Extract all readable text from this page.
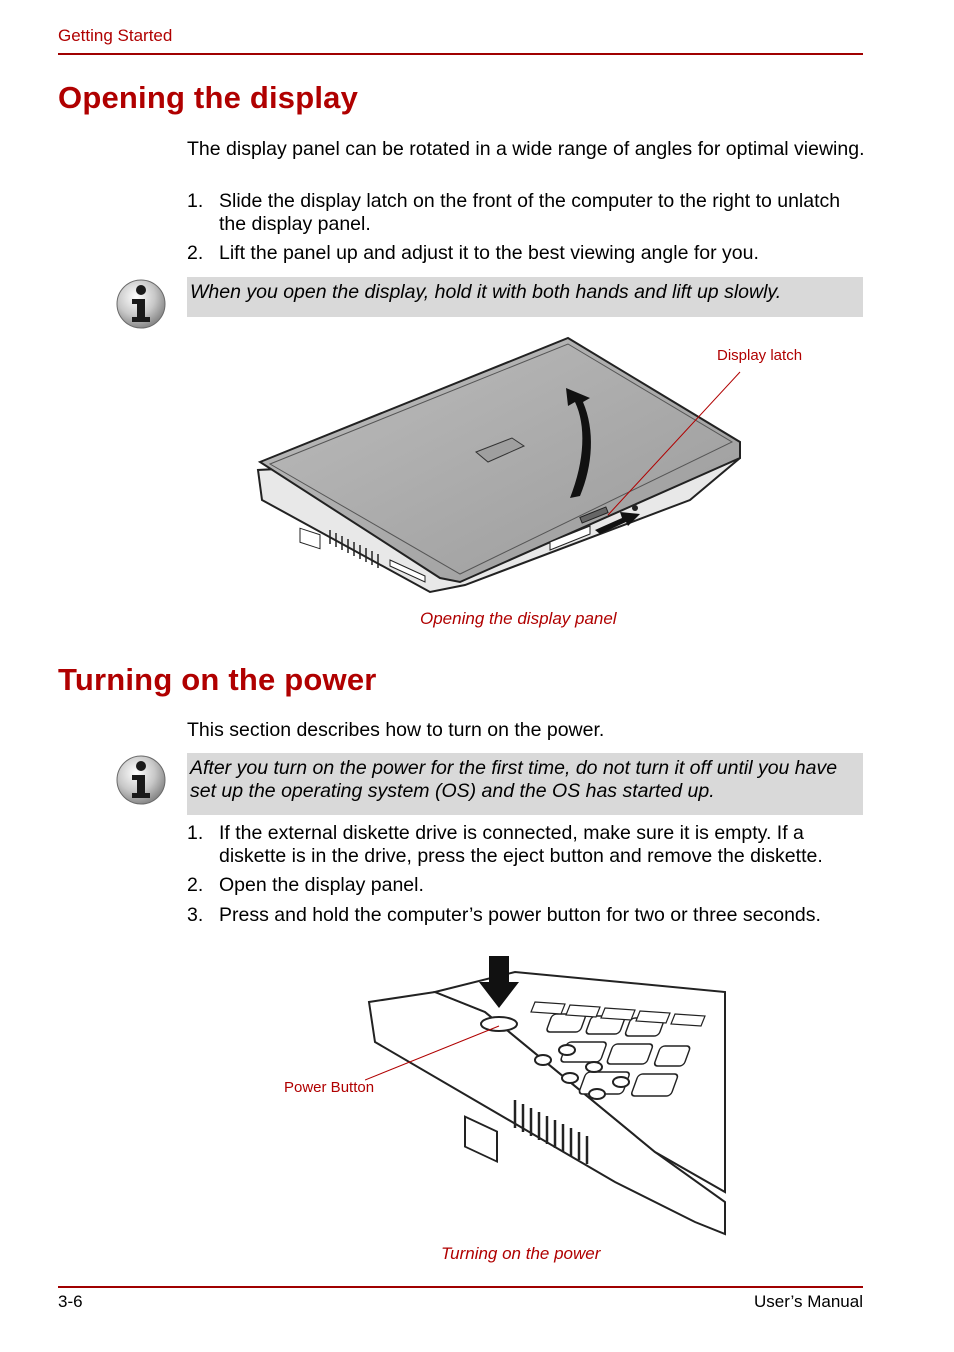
Getting Started
Opening the display
The display panel can be rotated in a wide range of angles for optimal viewing.
1. Slide the display latch on the front of the computer to the right to unlatch the display panel.
2. Lift the panel up and adjust it to the best viewing angle for you.
When you open the display, hold it with both hands and lift up slowly.
Display latch
Opening the display panel
Turning on the power
This section describes how to turn on the power.
After you turn on the power for the first time, do not turn it off until you have set up the operating system (OS) and the OS has started up.
1. If the external diskette drive is connected, make sure it is empty. If a diskette is in the drive, press the eject button and remove the diskette.
2. Open the display panel.
3. Press and hold the computer’s power button for two or three seconds.
Power Button
Turning on the power
3-6	User’s Manual
